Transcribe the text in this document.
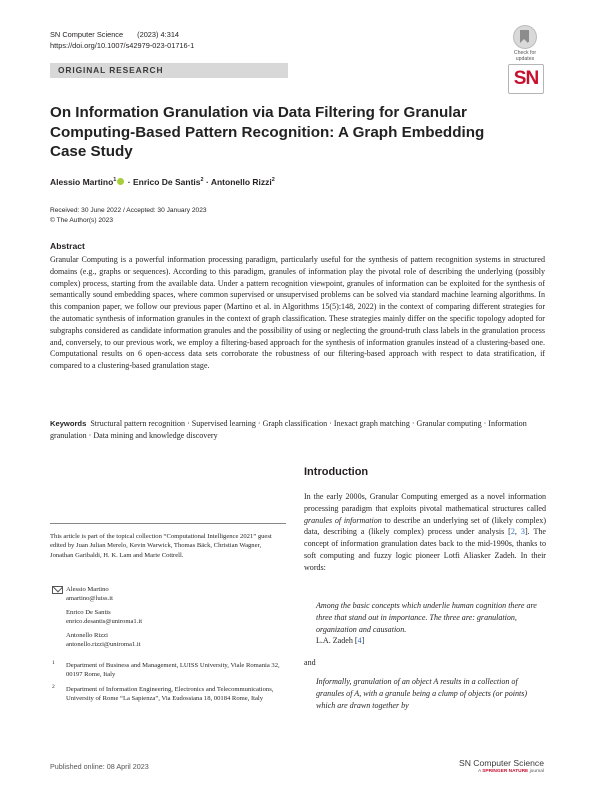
SN Computer Science (2023) 4:314
https://doi.org/10.1007/s42979-023-01716-1
Check for updates
ORIGINAL RESEARCH	SN
On Information Granulation via Data Filtering for Granular Computing-Based Pattern Recognition: A Graph Embedding Case Study
Alessio Martino$^1$ · Enrico De Santis$^2$ · Antonello Rizzi$^2$
Received: 30 June 2022 / Accepted: 30 January 2023
© The Author(s) 2023
Abstract
Granular Computing is a powerful information processing paradigm, particularly useful for the synthesis of pattern recognition systems in structured domains (e.g., graphs or sequences). According to this paradigm, granules of information play the pivotal role of describing the underlying (possibly complex) process, starting from the available data. Under a pattern recognition viewpoint, granules of information can be exploited for the synthesis of semantically sound embedding spaces, where common supervised or unsupervised problems can be solved via standard machine learning algorithms. In this companion paper, we follow our previous paper (Martino et al. in Algorithms 15(5):148, 2022) in the context of comparing different strategies for the automatic synthesis of information granules in the context of graph classification. These strategies mainly differ on the specific topology adopted for subgraphs considered as candidate information granules and the possibility of using or neglecting the ground-truth class labels in the granulation process and, conversely, to our previous work, we employ a filtering-based approach for the synthesis of information granules instead of a clustering-based one. Computational results on 6 open-access data sets corroborate the robustness of our filtering-based approach with respect to data stratification, if compared to a clustering-based granulation stage.
Keywords Structural pattern recognition · Supervised learning · Graph classification · Inexact graph matching · Granular computing · Information granulation · Data mining and knowledge discovery
Introduction
In the early 2000s, Granular Computing emerged as a novel information processing paradigm that exploits pivotal mathematical structures called granules of information to describe an underlying set of (likely complex) data, describing a (likely complex) process under analysis [2, 3]. The concept of information granulation dates back to the mid-1990s, thanks to soft computing and fuzzy logic pioneer Lotfi Aliasker Zadeh. In their words:
Among the basic concepts which underlie human cognition there are three that stand out in importance. The three are: granulation, organization and causation.
L.A. Zadeh [4]
and
Informally, granulation of an object A results in a collection of granules of A, with a granule being a clump of objects (or points) which are drawn together by
This article is part of the topical collection “Computational Intelligence 2021” guest edited by Juan Julian Merelo, Kevin Warwick, Thomas Bäck, Christian Wagner, Jonathan Garibaldi, H. K. Lam and Marie Cottrell.
Alessio Martino
amartino@luiss.it
Enrico De Santis
enrico.desantis@uniroma1.it
Antonello Rizzi
antonello.rizzi@uniroma1.it
1 Department of Business and Management, LUISS University, Viale Romania 32, 00197 Rome, Italy
2 Department of Information Engineering, Electronics and Telecommunications, University of Rome “La Sapienza”, Via Eudossiana 18, 00184 Rome, Italy
Published online: 08 April 2023	SN Computer Science
A SPRINGER NATURE journal
